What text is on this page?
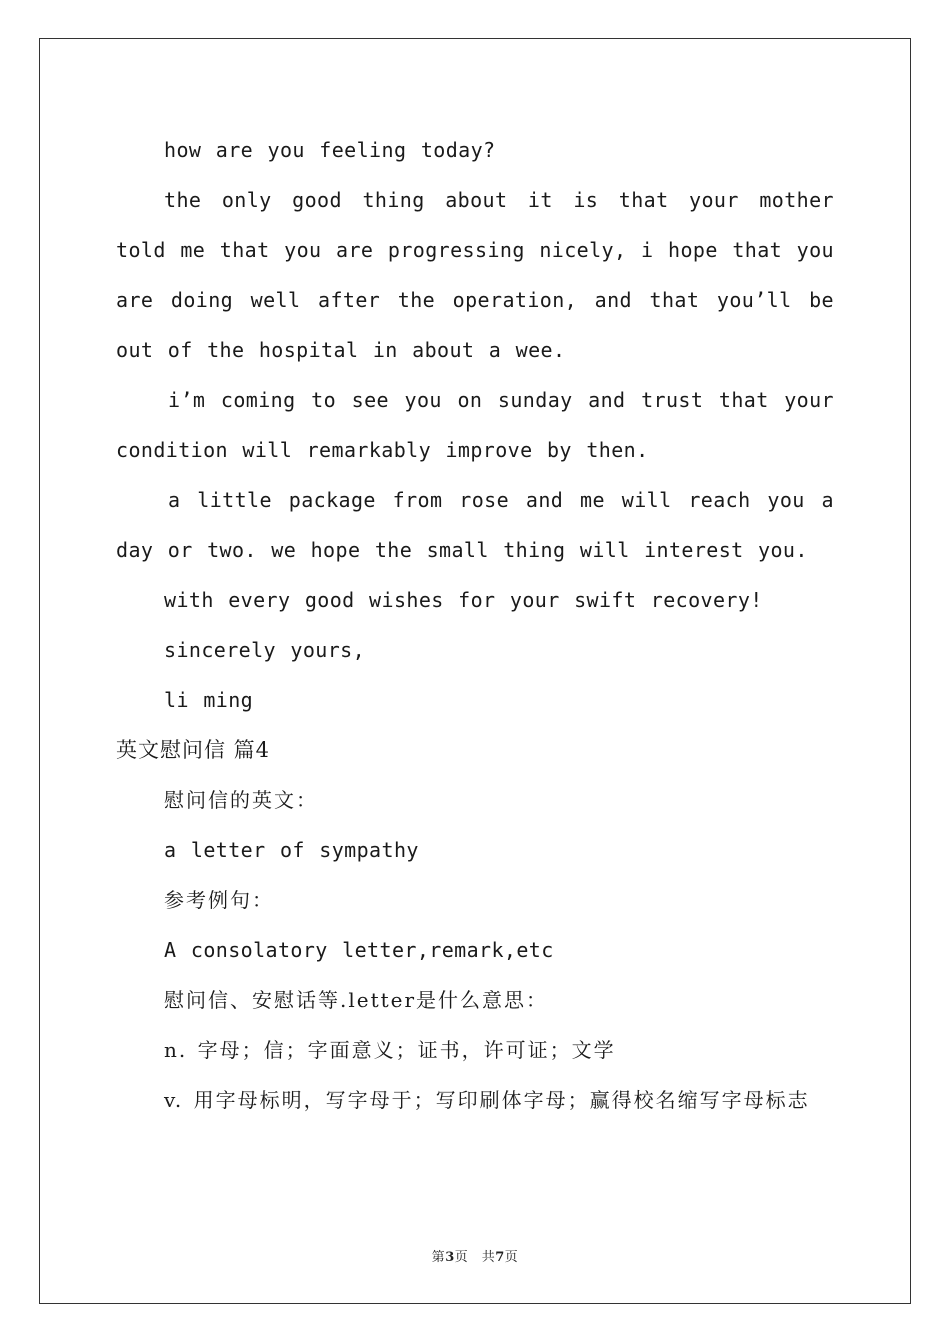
how are you feeling today?

the only good thing about it is that your mother told me that you are progressing nicely, i hope that you are doing well after the operation, and that you’ll be out of the hospital in about a wee.

i’m coming to see you on sunday and trust that your condition will remarkably improve by then.

a little package from rose and me will reach you a day or two. we hope the small thing will interest you.

with every good wishes for your swift recovery!

sincerely yours,

li ming

英文慰问信 篇4

慰问信的英文：

a letter of sympathy

参考例句：

A consolatory letter,remark,etc

慰问信、安慰话等.letter是什么意思：

n. 字母；信；字面意义；证书，许可证；文学

v. 用字母标明，写字母于；写印刷体字母；赢得校名缩写字母标志

第3页　共7页
